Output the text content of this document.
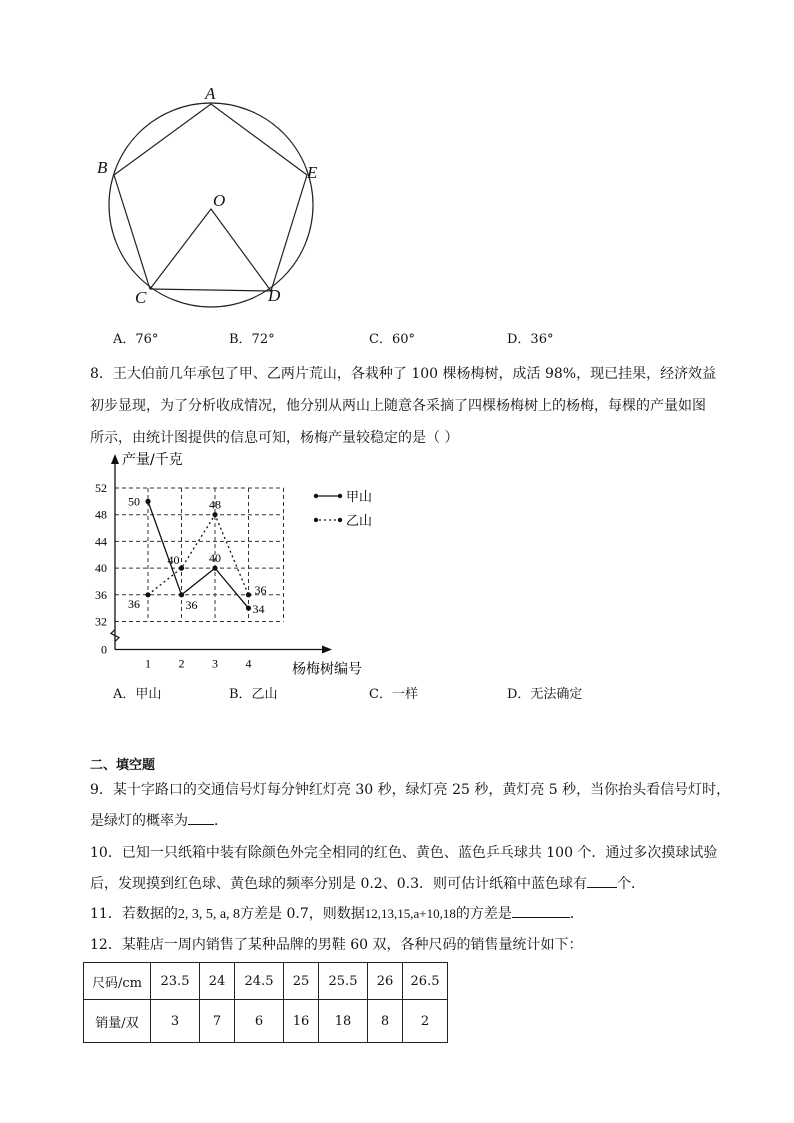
A
B
C	D
E
O
A．76°	B．72°	C．60°	D．36°
8．王大伯前几年承包了甲、乙两片荒山，各栽种了 100 棵杨梅树，成活 98%，现已挂果，经济效益
初步显现，为了分析收成情况，他分别从两山上随意各采摘了四棵杨梅树上的杨梅，每棵的产量如图
所示，由统计图提供的信息可知，杨梅产量较稳定的是（ ）
0
32
36
40
44
48
52
1 2 3 4
产量/千克
杨梅树编号
50
36
40
34
36
40
48
36
甲山
乙山
A．甲山	B．乙山	C．一样	D．无法确定
二、填空题
9．某十字路口的交通信号灯每分钟红灯亮 30 秒，绿灯亮 25 秒，黄灯亮 5 秒，当你抬头看信号灯时，
是绿灯的概率为 ．
10．已知一只纸箱中装有除颜色外完全相同的红色、黄色、蓝色乒乓球共 100 个．通过多次摸球试验
后，发现摸到红色球、黄色球的频率分别是 0.2、0.3．则可估计纸箱中蓝色球有 个．
11．若数据的2, 3, 5, a, 8方差是 0.7，则数据12,13,15,a+10,18的方差是	．
12．某鞋店一周内销售了某种品牌的男鞋 60 双，各种尺码的销售量统计如下：
尺码/cm	23.5	24	24.5	25	25.5	26	26.5
销量/双	3	7	6	16	18	8	2
